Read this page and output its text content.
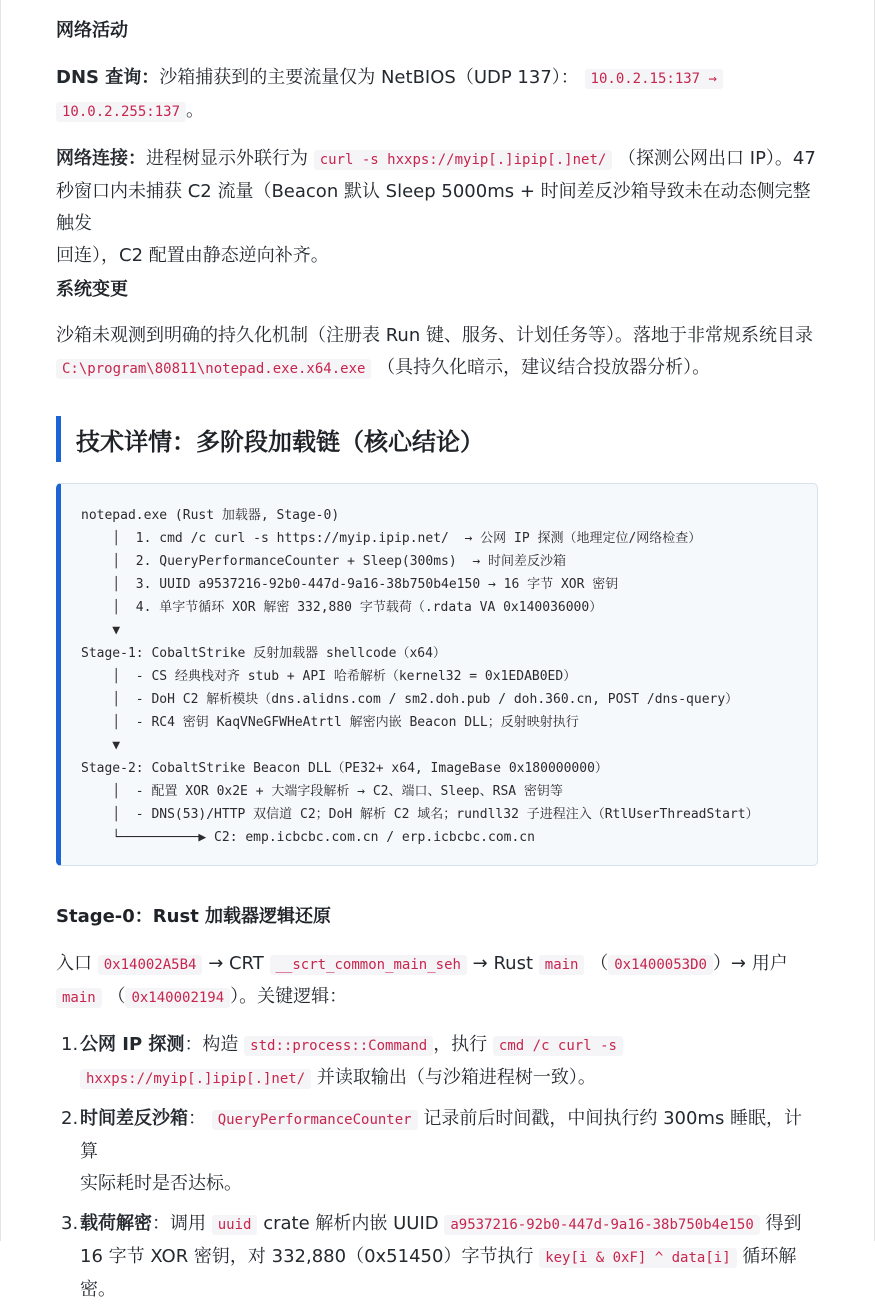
网络活动
DNS 查询：沙箱捕获到的主要流量仅为 NetBIOS（UDP 137）： 10.0.2.15:137 →
10.0.2.255:137 。
网络连接：进程树显示外联行为 curl -s hxxps://myip[.]ipip[.]net/ （探测公网出口 IP）。47
秒窗口内未捕获 C2 流量（Beacon 默认 Sleep 5000ms + 时间差反沙箱导致未在动态侧完整触发
回连），C2 配置由静态逆向补齐。
系统变更
沙箱未观测到明确的持久化机制（注册表 Run 键、服务、计划任务等）。落地于非常规系统目录
C:\program\80811\notepad.exe.x64.exe （具持久化暗示，建议结合投放器分析）。
技术详情：多阶段加载链（核心结论）
notepad.exe (Rust 加载器, Stage-0)
│  1. cmd /c curl -s https://myip.ipip.net/  → 公网 IP 探测（地理定位/网络检查）
│  2. QueryPerformanceCounter + Sleep(300ms)  → 时间差反沙箱
│  3. UUID a9537216-92b0-447d-9a16-38b750b4e150 → 16 字节 XOR 密钥
│  4. 单字节循环 XOR 解密 332,880 字节载荷（.rdata VA 0x140036000）
▼
Stage-1: CobaltStrike 反射加载器 shellcode（x64）
│  - CS 经典栈对齐 stub + API 哈希解析（kernel32 = 0x1EDAB0ED）
│  - DoH C2 解析模块（dns.alidns.com / sm2.doh.pub / doh.360.cn, POST /dns-query）
│  - RC4 密钥 KaqVNeGFWHeAtrtl 解密内嵌 Beacon DLL；反射映射执行
▼
Stage-2: CobaltStrike Beacon DLL（PE32+ x64, ImageBase 0x180000000）
│  - 配置 XOR 0x2E + 大端字段解析 → C2、端口、Sleep、RSA 密钥等
│  - DNS(53)/HTTP 双信道 C2；DoH 解析 C2 域名；rundll32 子进程注入（RtlUserThreadStart）
└──────────▶ C2: emp.icbcbc.com.cn / erp.icbcbc.com.cn
Stage-0：Rust 加载器逻辑还原
入口 0x14002A5B4 → CRT __scrt_common_main_seh → Rust main （ 0x1400053D0 ）→ 用户
main （ 0x140002194 ）。关键逻辑：
1. 公网 IP 探测：构造 std::process::Command ，执行 cmd /c curl -s
hxxps://myip[.]ipip[.]net/ 并读取输出（与沙箱进程树一致）。
2. 时间差反沙箱： QueryPerformanceCounter 记录前后时间戳，中间执行约 300ms 睡眠，计算
实际耗时是否达标。
3. 载荷解密：调用 uuid crate 解析内嵌 UUID a9537216-92b0-447d-9a16-38b750b4e150 得到
16 字节 XOR 密钥，对 332,880（0x51450）字节执行 key[i & 0xF] ^ data[i] 循环解密。
